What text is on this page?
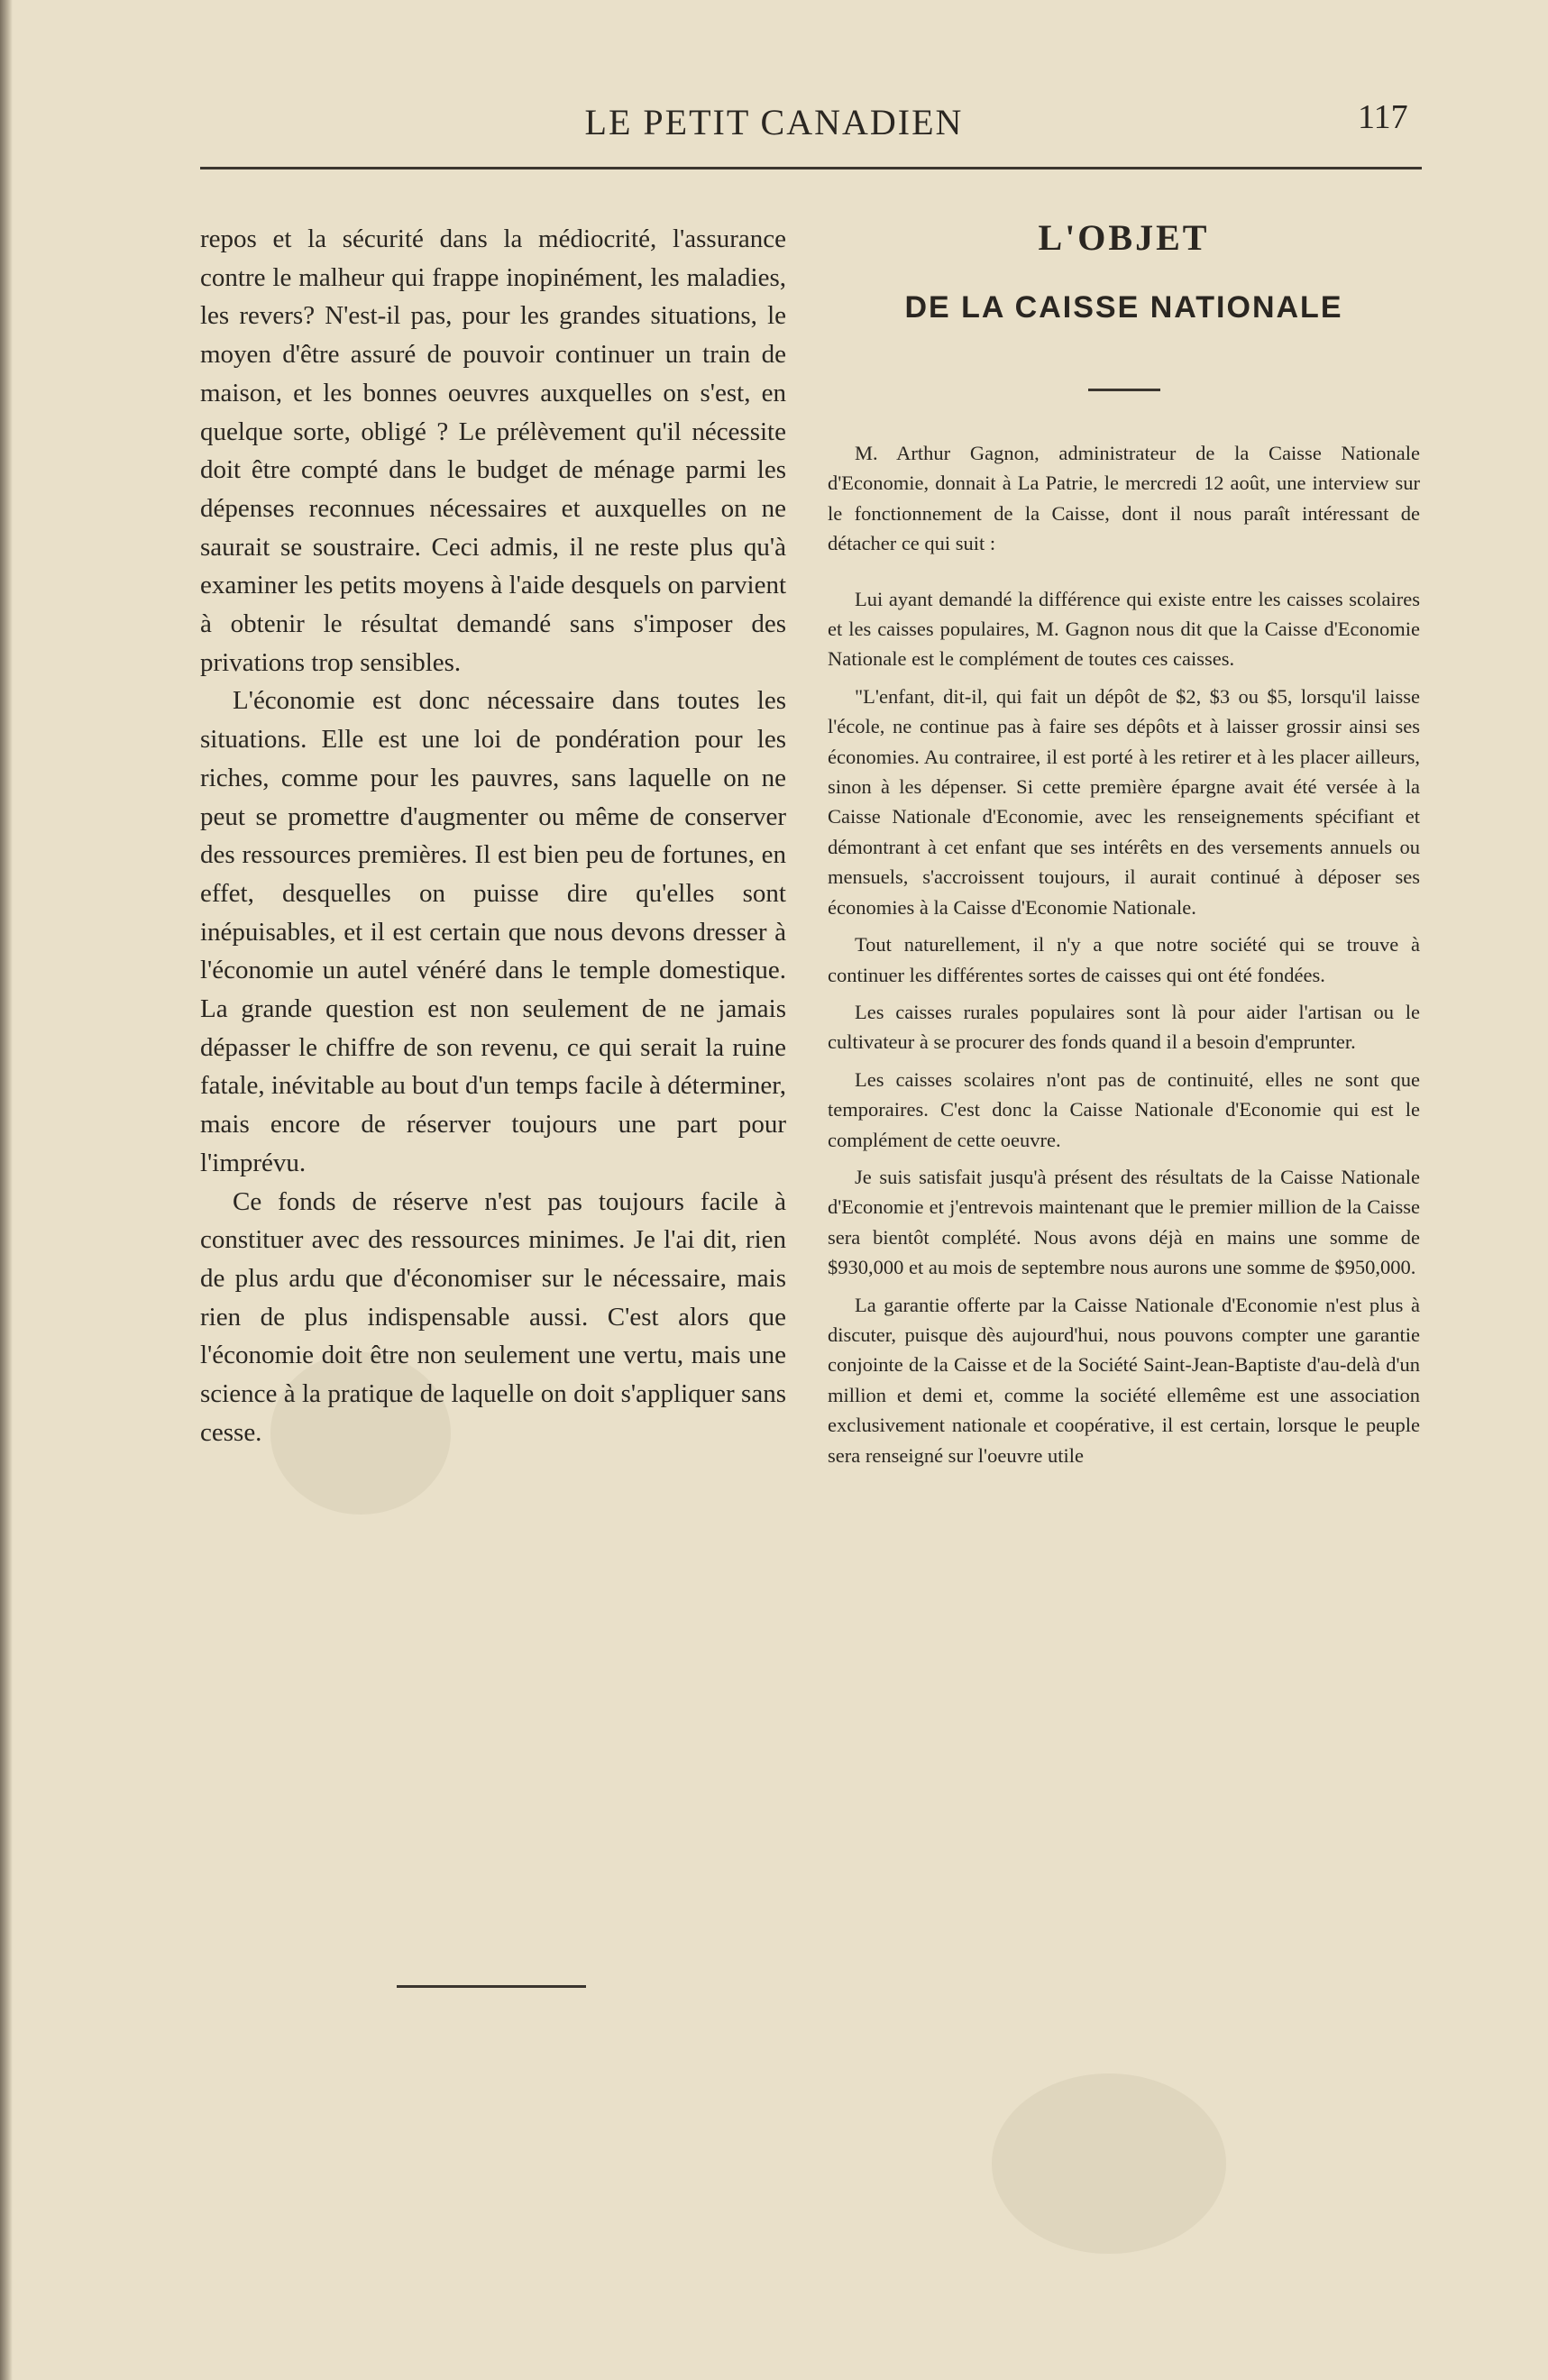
LE PETIT CANADIEN	117

repos et la sécurité dans la médiocrité, l'assurance contre le malheur qui frappe inopinément, les maladies, les revers? N'est-il pas, pour les grandes situations, le moyen d'être assuré de pouvoir continuer un train de maison, et les bonnes oeuvres auxquelles on s'est, en quelque sorte, obligé ? Le prélèvement qu'il nécessite doit être compté dans le budget de ménage parmi les dépenses reconnues nécessaires et auxquelles on ne saurait se soustraire. Ceci admis, il ne reste plus qu'à examiner les petits moyens à l'aide desquels on parvient à obtenir le résultat demandé sans s'imposer des privations trop sensibles.

L'économie est donc nécessaire dans toutes les situations. Elle est une loi de pondération pour les riches, comme pour les pauvres, sans laquelle on ne peut se promettre d'augmenter ou même de conserver des ressources premières. Il est bien peu de fortunes, en effet, desquelles on puisse dire qu'elles sont inépuisables, et il est certain que nous devons dresser à l'économie un autel vénéré dans le temple domestique. La grande question est non seulement de ne jamais dépasser le chiffre de son revenu, ce qui serait la ruine fatale, inévitable au bout d'un temps facile à déterminer, mais encore de réserver toujours une part pour l'imprévu.

Ce fonds de réserve n'est pas toujours facile à constituer avec des ressources minimes. Je l'ai dit, rien de plus ardu que d'économiser sur le nécessaire, mais rien de plus indispensable aussi. C'est alors que l'économie doit être non seulement une vertu, mais une science à la pratique de laquelle on doit s'appliquer sans cesse.

L'OBJET
DE LA CAISSE NATIONALE

M. Arthur Gagnon, administrateur de la Caisse Nationale d'Economie, donnait à La Patrie, le mercredi 12 août, une interview sur le fonctionnement de la Caisse, dont il nous paraît intéressant de détacher ce qui suit :

Lui ayant demandé la différence qui existe entre les caisses scolaires et les caisses populaires, M. Gagnon nous dit que la Caisse d'Economie Nationale est le complément de toutes ces caisses.

"L'enfant, dit-il, qui fait un dépôt de $2, $3 ou $5, lorsqu'il laisse l'école, ne continue pas à faire ses dépôts et à laisser grossir ainsi ses économies. Au contrairee, il est porté à les retirer et à les placer ailleurs, sinon à les dépenser. Si cette première épargne avait été versée à la Caisse Nationale d'Economie, avec les renseignements spécifiant et démontrant à cet enfant que ses intérêts en des versements annuels ou mensuels, s'accroissent toujours, il aurait continué à déposer ses économies à la Caisse d'Economie Nationale.

Tout naturellement, il n'y a que notre société qui se trouve à continuer les différentes sortes de caisses qui ont été fondées.

Les caisses rurales populaires sont là pour aider l'artisan ou le cultivateur à se procurer des fonds quand il a besoin d'emprunter.

Les caisses scolaires n'ont pas de continuité, elles ne sont que temporaires. C'est donc la Caisse Nationale d'Economie qui est le complément de cette oeuvre.

Je suis satisfait jusqu'à présent des résultats de la Caisse Nationale d'Economie et j'entrevois maintenant que le premier million de la Caisse sera bientôt complété. Nous avons déjà en mains une somme de $930,000 et au mois de septembre nous aurons une somme de $950,000.

La garantie offerte par la Caisse Nationale d'Economie n'est plus à discuter, puisque dès aujourd'hui, nous pouvons compter une garantie conjointe de la Caisse et de la Société Saint-Jean-Baptiste d'au-delà d'un million et demi et, comme la société ellemême est une association exclusivement nationale et coopérative, il est certain, lorsque le peuple sera renseigné sur l'oeuvre utile
